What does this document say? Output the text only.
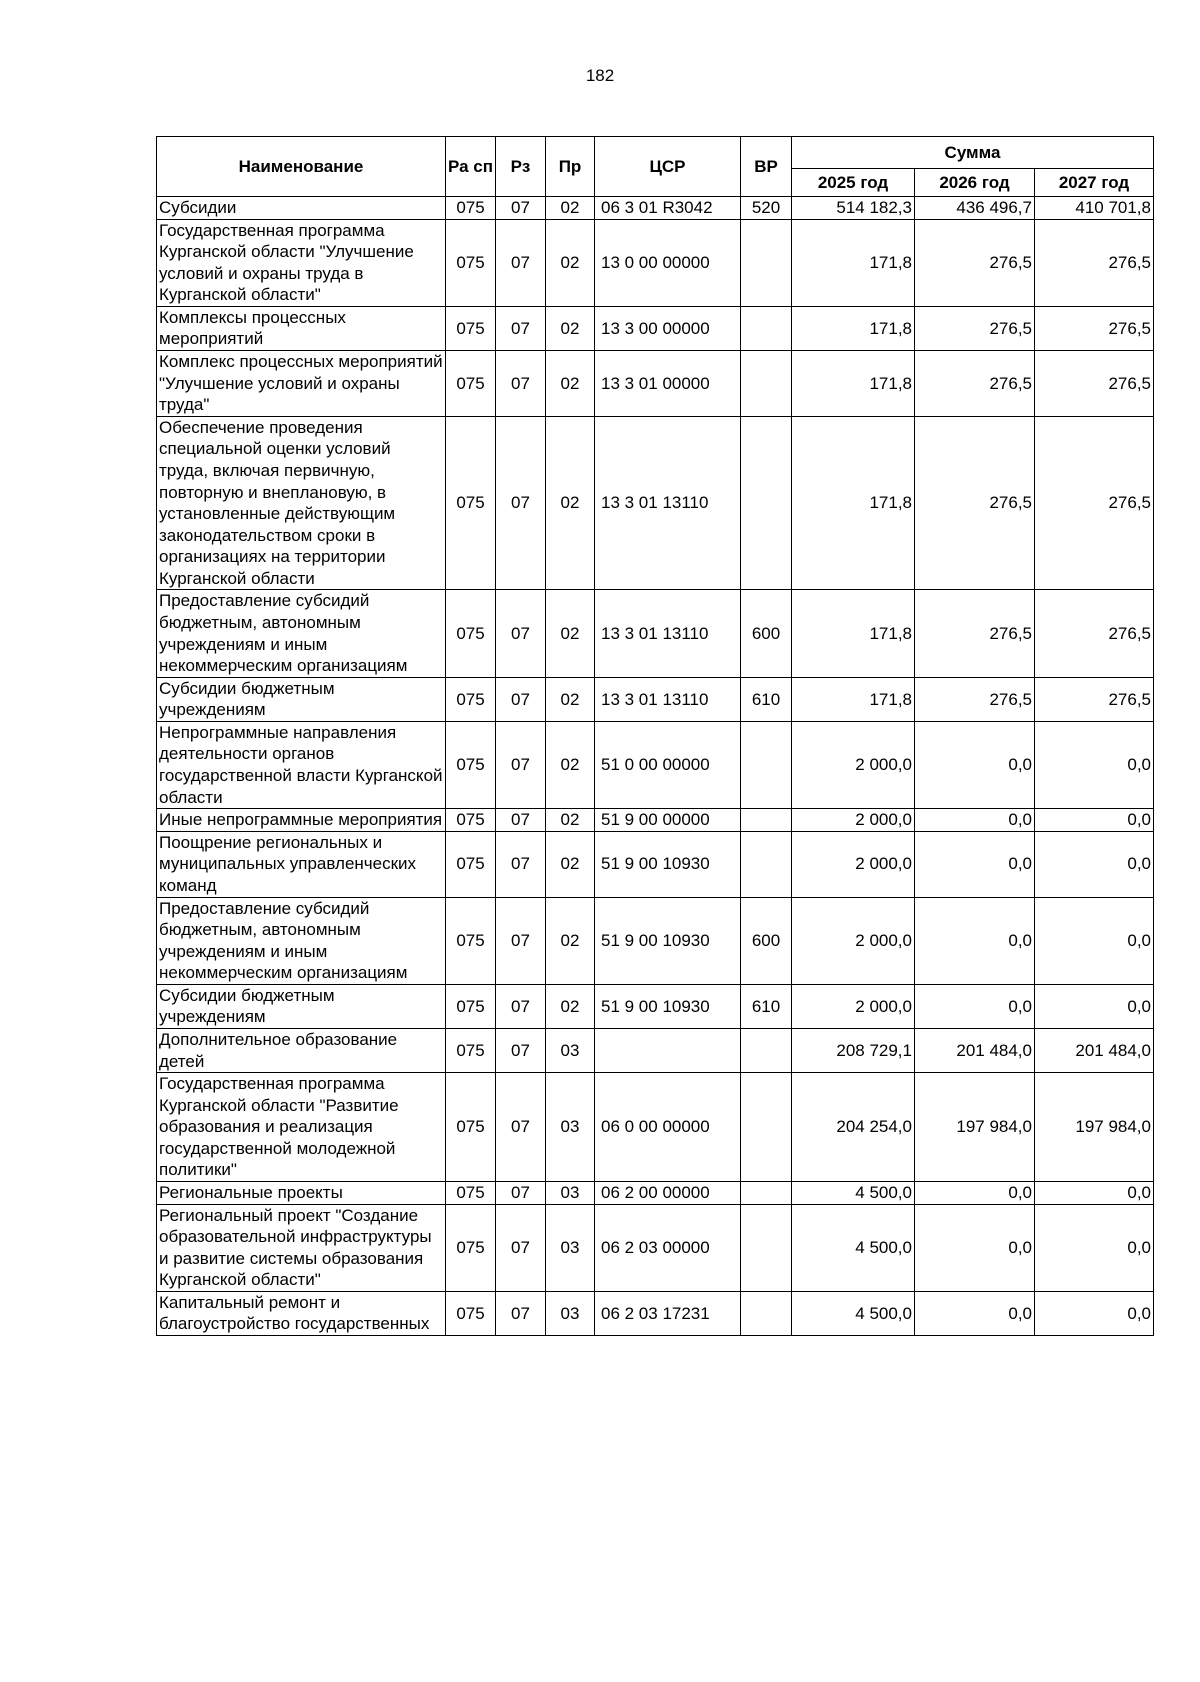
182
Наименование	Ра сп	Рз	Пр	ЦСР	ВР	Сумма		
						2025 год	2026 год	2027 год
Субсидии	075	07	02	06 3 01 R3042	520	514 182,3	436 496,7	410 701,8
Государственная программа Курганской области "Улучшение условий и охраны труда в Курганской области"	075	07	02	13 0 00 00000		171,8	276,5	276,5
Комплексы процессных мероприятий	075	07	02	13 3 00 00000		171,8	276,5	276,5
Комплекс процессных мероприятий "Улучшение условий и охраны труда"	075	07	02	13 3 01 00000		171,8	276,5	276,5
Обеспечение проведения специальной оценки условий труда, включая первичную, повторную и внеплановую, в установленные действующим законодательством сроки в организациях на территории Курганской области	075	07	02	13 3 01 13110		171,8	276,5	276,5
Предоставление субсидий бюджетным, автономным учреждениям и иным некоммерческим организациям	075	07	02	13 3 01 13110	600	171,8	276,5	276,5
Субсидии бюджетным учреждениям	075	07	02	13 3 01 13110	610	171,8	276,5	276,5
Непрограммные направления деятельности органов государственной власти Курганской области	075	07	02	51 0 00 00000		2 000,0	0,0	0,0
Иные непрограммные мероприятия	075	07	02	51 9 00 00000		2 000,0	0,0	0,0
Поощрение региональных и муниципальных управленческих команд	075	07	02	51 9 00 10930		2 000,0	0,0	0,0
Предоставление субсидий бюджетным, автономным учреждениям и иным некоммерческим организациям	075	07	02	51 9 00 10930	600	2 000,0	0,0	0,0
Субсидии бюджетным учреждениям	075	07	02	51 9 00 10930	610	2 000,0	0,0	0,0
Дополнительное образование детей	075	07	03			208 729,1	201 484,0	201 484,0
Государственная программа Курганской области "Развитие образования и реализация государственной молодежной политики"	075	07	03	06 0 00 00000		204 254,0	197 984,0	197 984,0
Региональные проекты	075	07	03	06 2 00 00000		4 500,0	0,0	0,0
Региональный проект "Создание образовательной инфраструктуры и развитие системы образования Курганской области"	075	07	03	06 2 03 00000		4 500,0	0,0	0,0
Капитальный ремонт и благоустройство государственных	075	07	03	06 2 03 17231		4 500,0	0,0	0,0
